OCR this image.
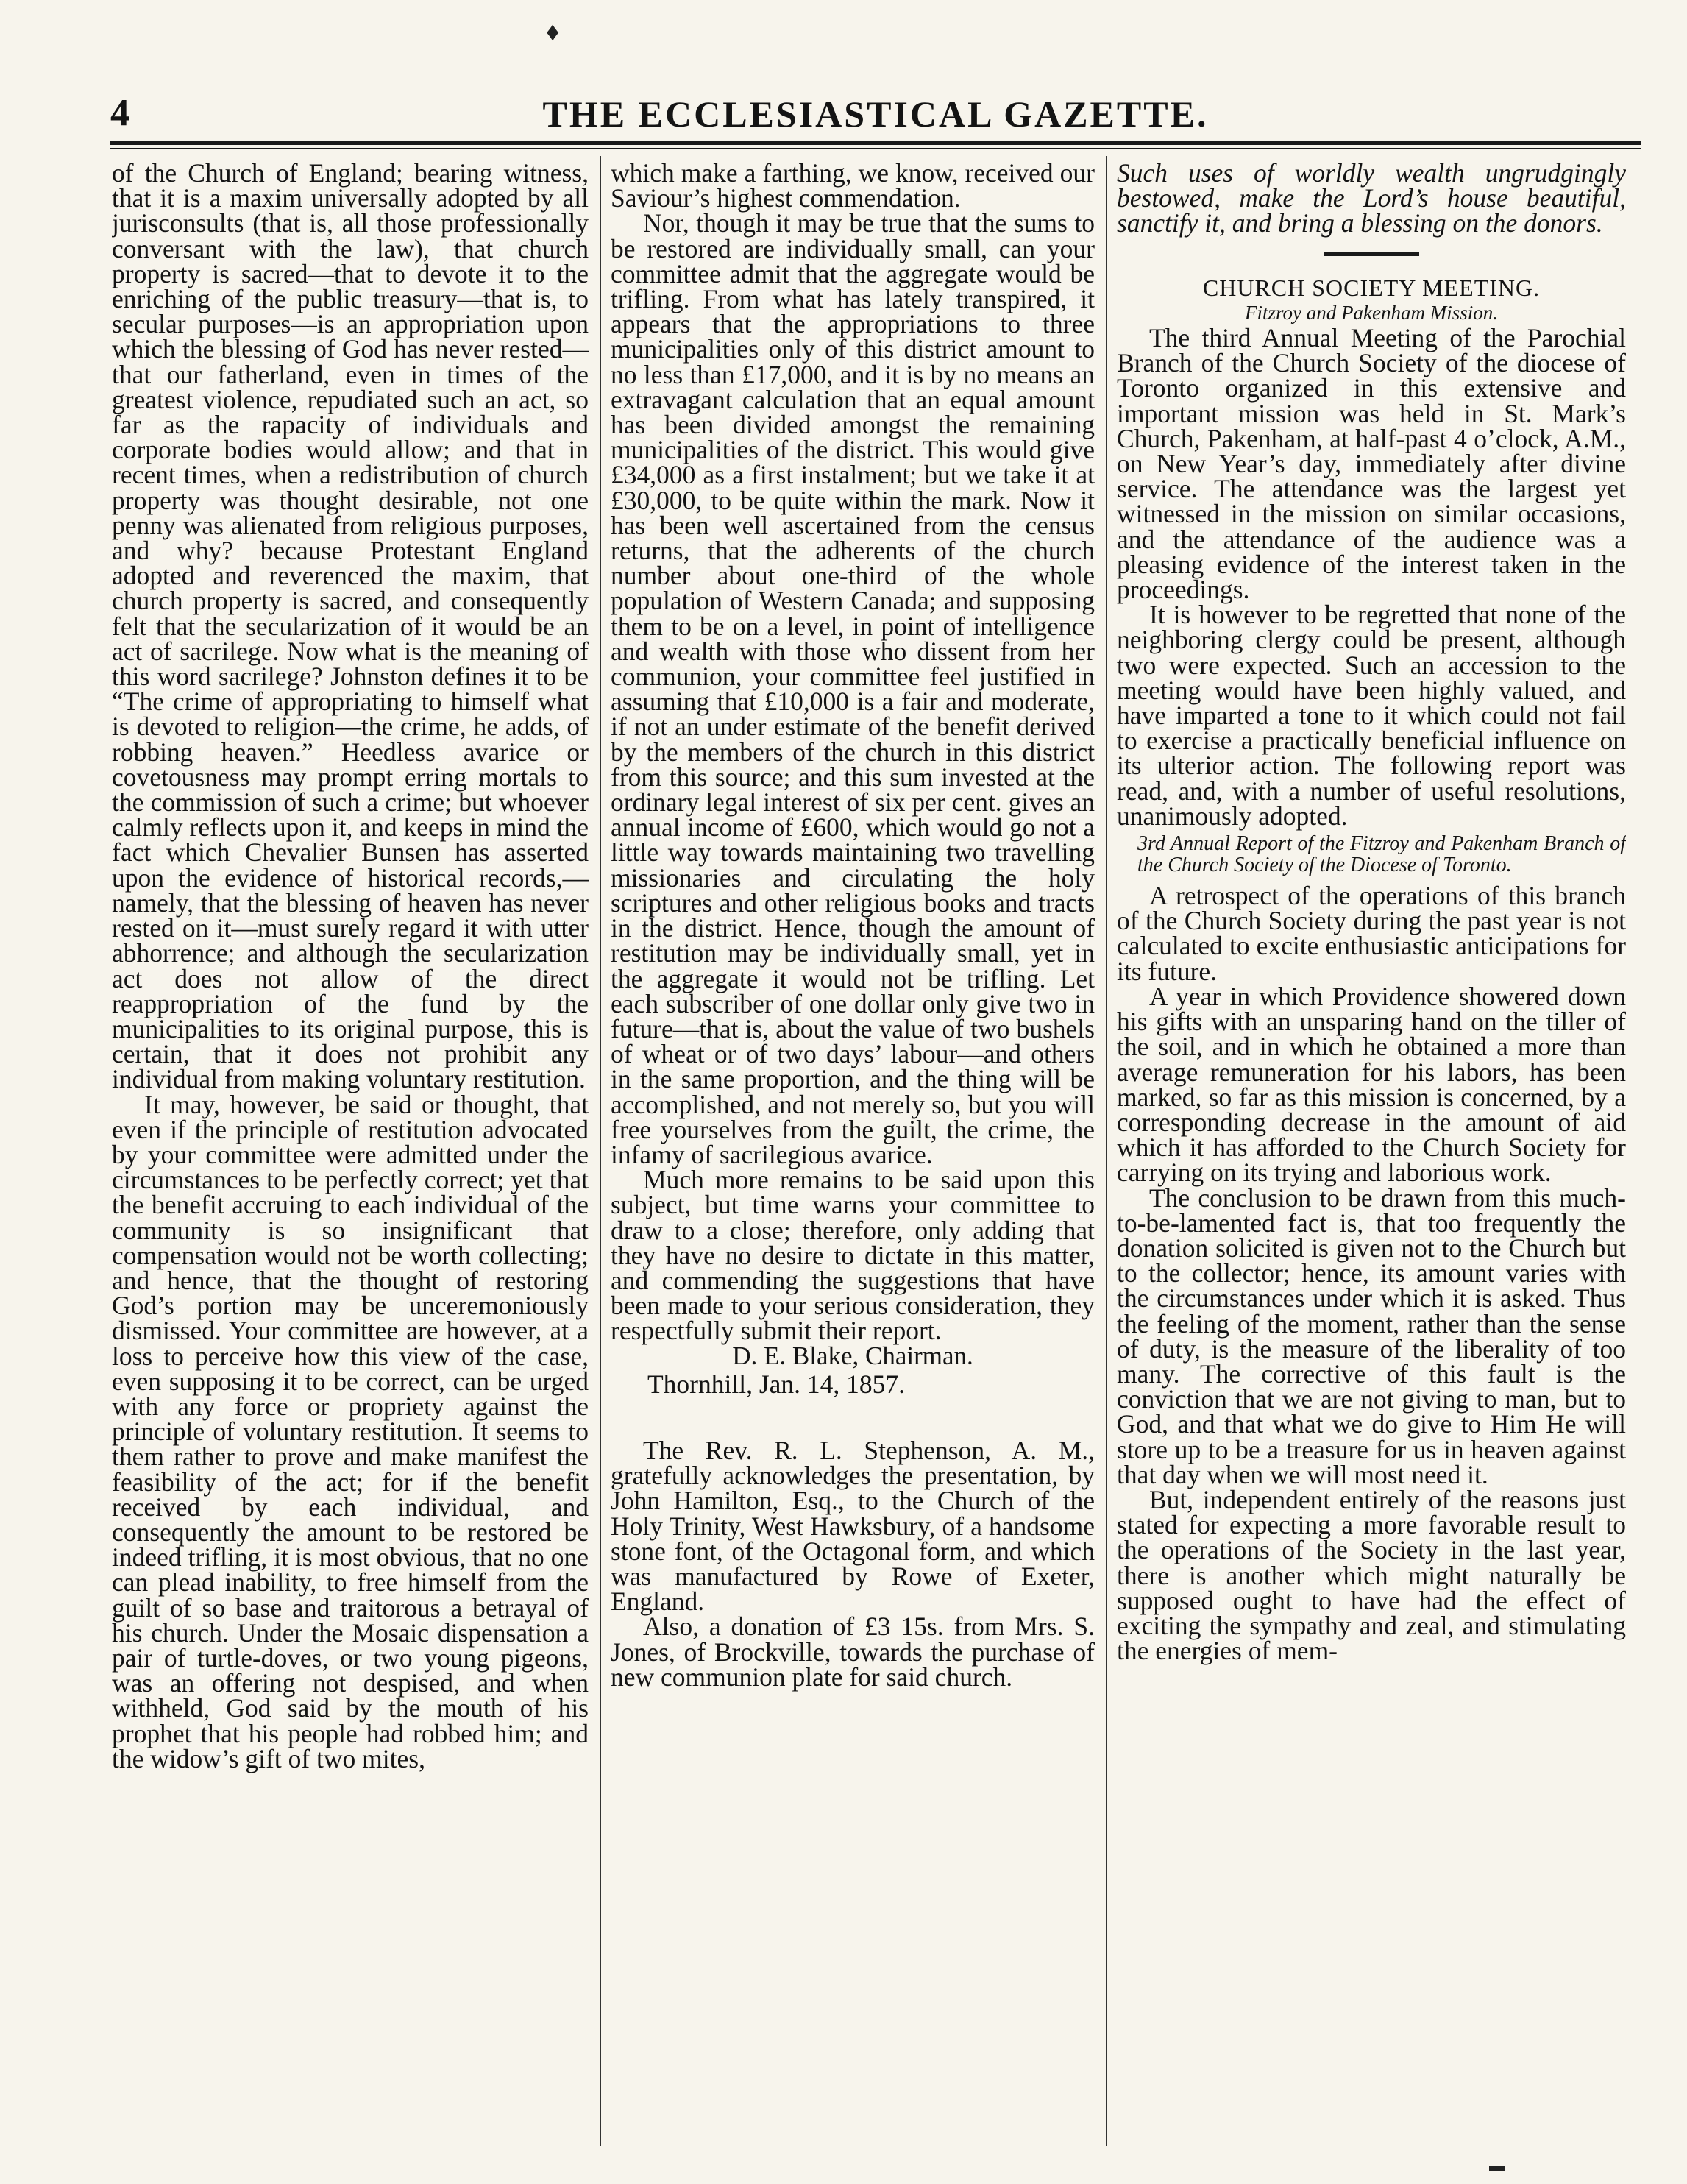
♦
4	THE ECCLESIASTICAL GAZETTE.

of the Church of England; bearing witness, that it is a maxim universally adopted by all jurisconsults (that is, all those professionally conversant with the law), that church property is sacred—that to devote it to the enriching of the public treasury—that is, to secular purposes—is an appropriation upon which the blessing of God has never rested—that our fatherland, even in times of the greatest violence, repudiated such an act, so far as the rapacity of individuals and corporate bodies would allow; and that in recent times, when a redistribution of church property was thought desirable, not one penny was alienated from religious purposes, and why? because Protestant England adopted and reverenced the maxim, that church property is sacred, and consequently felt that the secularization of it would be an act of sacrilege. Now what is the meaning of this word sacrilege? Johnston defines it to be “The crime of appropriating to himself what is devoted to religion—the crime, he adds, of robbing heaven.” Heedless avarice or covetousness may prompt erring mortals to the commission of such a crime; but whoever calmly reflects upon it, and keeps in mind the fact which Chevalier Bunsen has asserted upon the evidence of historical records,—namely, that the blessing of heaven has never rested on it—must surely regard it with utter abhorrence; and although the secularization act does not allow of the direct reappropriation of the fund by the municipalities to its original purpose, this is certain, that it does not prohibit any individual from making voluntary restitution.

It may, however, be said or thought, that even if the principle of restitution advocated by your committee were admitted under the circumstances to be perfectly correct; yet that the benefit accruing to each individual of the community is so insignificant that compensation would not be worth collecting; and hence, that the thought of restoring God’s portion may be unceremoniously dismissed. Your committee are however, at a loss to perceive how this view of the case, even supposing it to be correct, can be urged with any force or propriety against the principle of voluntary restitution. It seems to them rather to prove and make manifest the feasibility of the act; for if the benefit received by each individual, and consequently the amount to be restored be indeed trifling, it is most obvious, that no one can plead inability, to free himself from the guilt of so base and traitorous a betrayal of his church. Under the Mosaic dispensation a pair of turtle-doves, or two young pigeons, was an offering not despised, and when withheld, God said by the mouth of his prophet that his people had robbed him; and the widow’s gift of two mites,

which make a farthing, we know, received our Saviour’s highest commendation.

Nor, though it may be true that the sums to be restored are individually small, can your committee admit that the aggregate would be trifling. From what has lately transpired, it appears that the appropriations to three municipalities only of this district amount to no less than £17,000, and it is by no means an extravagant calculation that an equal amount has been divided amongst the remaining municipalities of the district. This would give £34,000 as a first instalment; but we take it at £30,000, to be quite within the mark. Now it has been well ascertained from the census returns, that the adherents of the church number about one-third of the whole population of Western Canada; and supposing them to be on a level, in point of intelligence and wealth with those who dissent from her communion, your committee feel justified in assuming that £10,000 is a fair and moderate, if not an under estimate of the benefit derived by the members of the church in this district from this source; and this sum invested at the ordinary legal interest of six per cent. gives an annual income of £600, which would go not a little way towards maintaining two travelling missionaries and circulating the holy scriptures and other religious books and tracts in the district. Hence, though the amount of restitution may be individually small, yet in the aggregate it would not be trifling. Let each subscriber of one dollar only give two in future—that is, about the value of two bushels of wheat or of two days’ labour—and others in the same proportion, and the thing will be accomplished, and not merely so, but you will free yourselves from the guilt, the crime, the infamy of sacrilegious avarice.

Much more remains to be said upon this subject, but time warns your committee to draw to a close; therefore, only adding that they have no desire to dictate in this matter, and commending the suggestions that have been made to your serious consideration, they respectfully submit their report.

D. E. Blake, Chairman.

Thornhill, Jan. 14, 1857.

The Rev. R. L. Stephenson, A. M., gratefully acknowledges the presentation, by John Hamilton, Esq., to the Church of the Holy Trinity, West Hawksbury, of a handsome stone font, of the Octagonal form, and which was manufactured by Rowe of Exeter, England.

Also, a donation of £3 15s. from Mrs. S. Jones, of Brockville, towards the purchase of new communion plate for said church.

Such uses of worldly wealth ungrudgingly bestowed, make the Lord’s house beautiful, sanctify it, and bring a blessing on the donors.

CHURCH SOCIETY MEETING.

Fitzroy and Pakenham Mission.

The third Annual Meeting of the Parochial Branch of the Church Society of the diocese of Toronto organized in this extensive and important mission was held in St. Mark’s Church, Pakenham, at half-past 4 o’clock, A.M., on New Year’s day, immediately after divine service. The attendance was the largest yet witnessed in the mission on similar occasions, and the attendance of the audience was a pleasing evidence of the interest taken in the proceedings.

It is however to be regretted that none of the neighboring clergy could be present, although two were expected. Such an accession to the meeting would have been highly valued, and have imparted a tone to it which could not fail to exercise a practically beneficial influence on its ulterior action. The following report was read, and, with a number of useful resolutions, unanimously adopted.

3rd Annual Report of the Fitzroy and Pakenham Branch of the Church Society of the Diocese of Toronto.

A retrospect of the operations of this branch of the Church Society during the past year is not calculated to excite enthusiastic anticipations for its future.

A year in which Providence showered down his gifts with an unsparing hand on the tiller of the soil, and in which he obtained a more than average remuneration for his labors, has been marked, so far as this mission is concerned, by a corresponding decrease in the amount of aid which it has afforded to the Church Society for carrying on its trying and laborious work.

The conclusion to be drawn from this much-to-be-lamented fact is, that too frequently the donation solicited is given not to the Church but to the collector; hence, its amount varies with the circumstances under which it is asked. Thus the feeling of the moment, rather than the sense of duty, is the measure of the liberality of too many. The corrective of this fault is the conviction that we are not giving to man, but to God, and that what we do give to Him He will store up to be a treasure for us in heaven against that day when we will most need it.

But, independent entirely of the reasons just stated for expecting a more favorable result to the operations of the Society in the last year, there is another which might naturally be supposed ought to have had the effect of exciting the sympathy and zeal, and stimulating the energies of mem-

▬
